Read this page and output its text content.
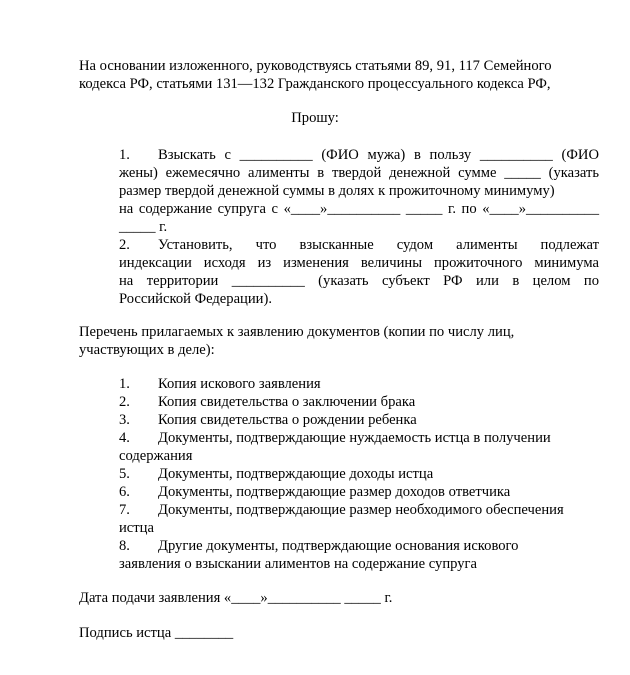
На основании изложенного, руководствуясь статьями 89, 91, 117 Семейного
кодекса РФ, статьями 131—132 Гражданского процессуального кодекса РФ,
Прошу:
1. Взыскать с __________ (ФИО мужа) в пользу __________ (ФИО
жены) ежемесячно алименты в твердой денежной сумме _____ (указать
размер твердой денежной суммы в долях к прожиточному минимуму)
на содержание супруга с «____»__________ _____ г. по «____»__________
_____ г.
2. Установить, что взысканные судом алименты подлежат
индексации исходя из изменения величины прожиточного минимума
на территории __________ (указать субъект РФ или в целом по
Российской Федерации).
Перечень прилагаемых к заявлению документов (копии по числу лиц,
участвующих в деле):
1. Копия искового заявления
2. Копия свидетельства о заключении брака
3. Копия свидетельства о рождении ребенка
4. Документы, подтверждающие нуждаемость истца в получении
содержания
5. Документы, подтверждающие доходы истца
6. Документы, подтверждающие размер доходов ответчика
7. Документы, подтверждающие размер необходимого обеспечения
истца
8. Другие документы, подтверждающие основания искового
заявления о взыскании алиментов на содержание супруга
Дата подачи заявления «____»__________ _____ г.
Подпись истца ________
